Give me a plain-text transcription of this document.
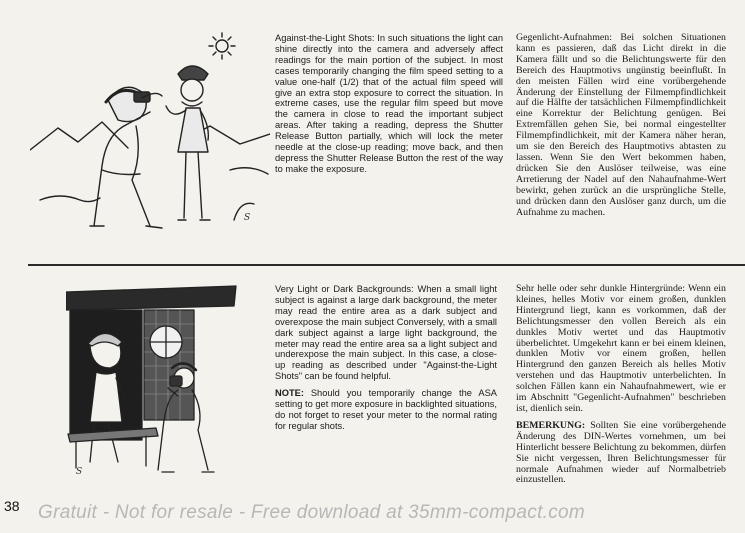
S

Against-the-Light Shots: In such situations the light can shine directly into the camera and adversely affect readings for the main portion of the subject. In most cases temporarily changing the film speed setting to a value one-half (1/2) that of the actual film speed will give an extra stop exposure to correct the situation. In extreme cases, use the regular film speed but move the camera in close to read the important subject areas. After taking a reading, depress the Shutter Release Button partially, which will lock the meter needle at the close-up reading; move back, and then depress the Shutter Release Button the rest of the way to make the exposure.

Gegenlicht-Aufnahmen: Bei solchen Situationen kann es passieren, daß das Licht direkt in die Kamera fällt und so die Belichtungswerte für den Bereich des Hauptmotivs ungünstig beeinflußt. In den meisten Fällen wird eine vorübergehende Änderung der Einstellung der Filmempfindlichkeit auf die Hälfte der tatsächlichen Filmempfindlichkeit eine Korrektur der Belichtung genügen. Bei Extremfällen gehen Sie, bei normal eingestellter Filmempfindlichkeit, mit der Kamera näher heran, um sie den Bereich des Hauptmotivs abtasten zu lassen. Wenn Sie den Wert bekommen haben, drücken Sie den Auslöser teilweise, was eine Arretierung der Nadel auf den Nahaufnahme-Wert bewirkt, gehen zurück an die ursprüngliche Stelle, und drücken dann den Auslöser ganz durch, um die Aufnahme zu machen.

S

Very Light or Dark Backgrounds: When a small light subject is against a large dark background, the meter may read the entire area as a dark subject and overexpose the main subject Conversely, with a small dark subject against a large light background, the meter may read the entire area sa a light subject and underexpose the main subject. In this case, a close-up reading as described under "Against-the-Light Shots" can be found helpful.

NOTE: Should you temporarily change the ASA setting to get more exposure in backlighted situations, do not forget to reset your meter to the normal rating for regular shots.

Sehr helle oder sehr dunkle Hintergründe: Wenn ein kleines, helles Motiv vor einem großen, dunklen Hintergrund liegt, kann es vorkommen, daß der Belichtungsmesser den vollen Bereich als ein dunkles Motiv wertet und das Hauptmotiv überbelichtet. Umgekehrt kann er bei einem kleinen, dunklen Motiv vor einem großen, hellen Hintergrund den ganzen Bereich als helles Motiv verstehen und das Hauptmotiv unterbelichten. In solchen Fällen kann ein Nahaufnahmewert, wie er im Abschnitt "Gegenlicht-Aufnahmen" beschrieben ist, dienlich sein.

BEMERKUNG: Sollten Sie eine vorübergehende Änderung des DIN-Wertes vornehmen, um bei Hinterlicht bessere Belichtung zu bekommen, dürfen Sie nicht vergessen, Ihren Belichtungsmesser für normale Aufnahmen wieder auf Normalbetrieb einzustellen.

38 Gratuit - Not for resale - Free download at 35mm-compact.com
